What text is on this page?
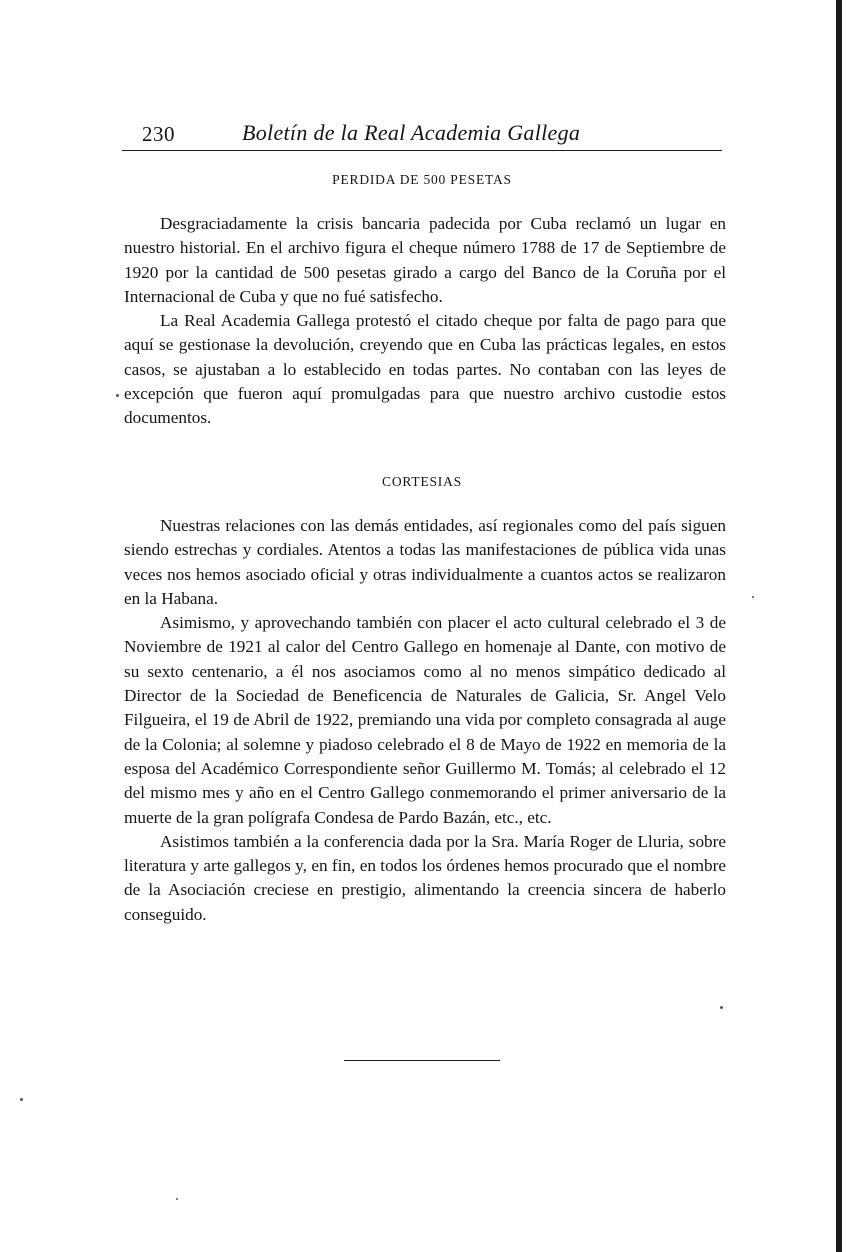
230	Boletín de la Real Academia Gallega
PERDIDA DE 500 PESETAS

Desgraciadamente la crisis bancaria padecida por Cuba reclamó un lugar en nuestro historial. En el archivo figura el cheque número 1788 de 17 de Septiembre de 1920 por la cantidad de 500 pesetas girado a cargo del Banco de la Coruña por el Internacional de Cuba y que no fué satisfecho.

La Real Academia Gallega protestó el citado cheque por falta de pago para que aquí se gestionase la devolución, creyendo que en Cuba las prácticas legales, en estos casos, se ajustaban a lo establecido en todas partes. No contaban con las leyes de excepción que fueron aquí promulgadas para que nuestro archivo custodie estos documentos.

CORTESIAS

Nuestras relaciones con las demás entidades, así regionales como del país siguen siendo estrechas y cordiales. Atentos a todas las manifestaciones de pública vida unas veces nos hemos asociado oficial y otras individualmente a cuantos actos se realizaron en la Habana.

Asimismo, y aprovechando también con placer el acto cultural celebrado el 3 de Noviembre de 1921 al calor del Centro Gallego en homenaje al Dante, con motivo de su sexto centenario, a él nos asociamos como al no menos simpático dedicado al Director de la Sociedad de Beneficencia de Naturales de Galicia, Sr. Angel Velo Filgueira, el 19 de Abril de 1922, premiando una vida por completo consagrada al auge de la Colonia; al solemne y piadoso celebrado el 8 de Mayo de 1922 en memoria de la esposa del Académico Correspondiente señor Guillermo M. Tomás; al celebrado el 12 del mismo mes y año en el Centro Gallego conmemorando el primer aniversario de la muerte de la gran polígrafa Condesa de Pardo Bazán, etc., etc.

Asistimos también a la conferencia dada por la Sra. María Roger de Lluria, sobre literatura y arte gallegos y, en fin, en todos los órdenes hemos procurado que el nombre de la Asociación creciese en prestigio, alimentando la creencia sincera de haberlo conseguido.
